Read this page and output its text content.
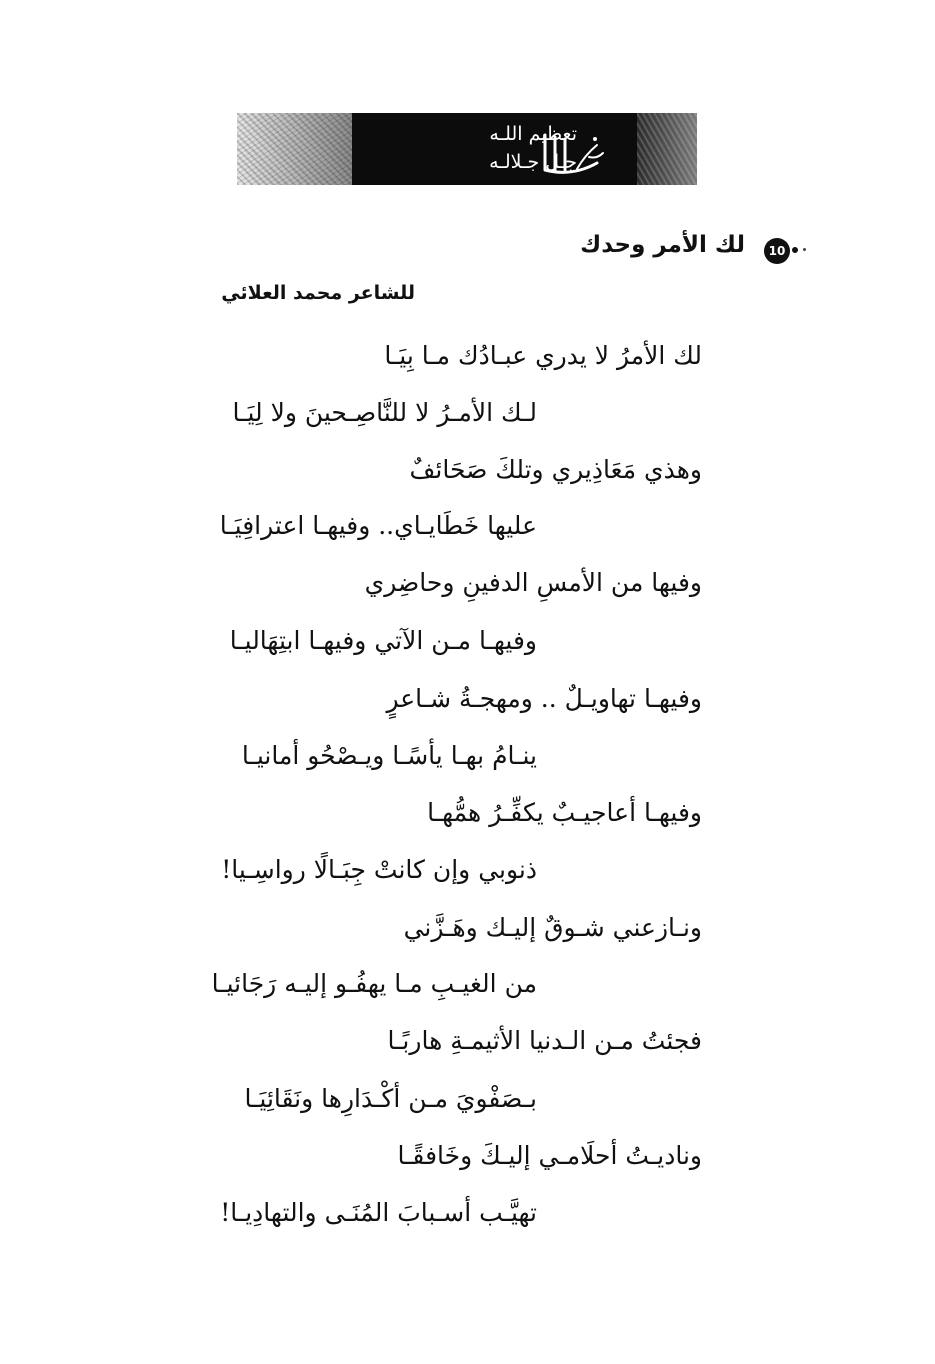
تعظيم اللـه
جـل جـلالـه
10
لك الأمر وحدك
للشاعر محمد العلائي
لك الأمرُ لا يدري عبـادُك مـا بِيَـا
لـك الأمـرُ لا للنَّاصِـحينَ ولا لِيَـا
وهذي مَعَاذِيري وتلكَ صَحَائفٌ
عليها خَطَايـاي.. وفيهـا اعترافِيَـا
وفيها من الأمسِ الدفينِ وحاضِري
وفيهـا مـن الآتي وفيهـا ابتِهَاليـا
وفيهـا تهاويـلٌ .. ومهجـةُ شـاعرٍ
ينـامُ بهـا يأسًـا ويـصْحُو أمانيـا
وفيهـا أعاجيـبٌ يكفِّـرُ همُّهـا
ذنوبي وإن كانتْ جِبَـالًا رواسِـيا!
ونـازعني شـوقٌ إليـك وهَـزَّني
من الغيـبِ مـا يهفُـو إليـه رَجَائيـا
فجئتُ مـن الـدنيا الأثيمـةِ هاربًـا
بـصَفْويَ مـن أكْـدَارِها ونَقَائِيَـا
وناديـتُ أحلَامـي إليـكَ وخَافقًـا
تهيَّـب أسـبابَ المُنَـى والتهادِيـا!
